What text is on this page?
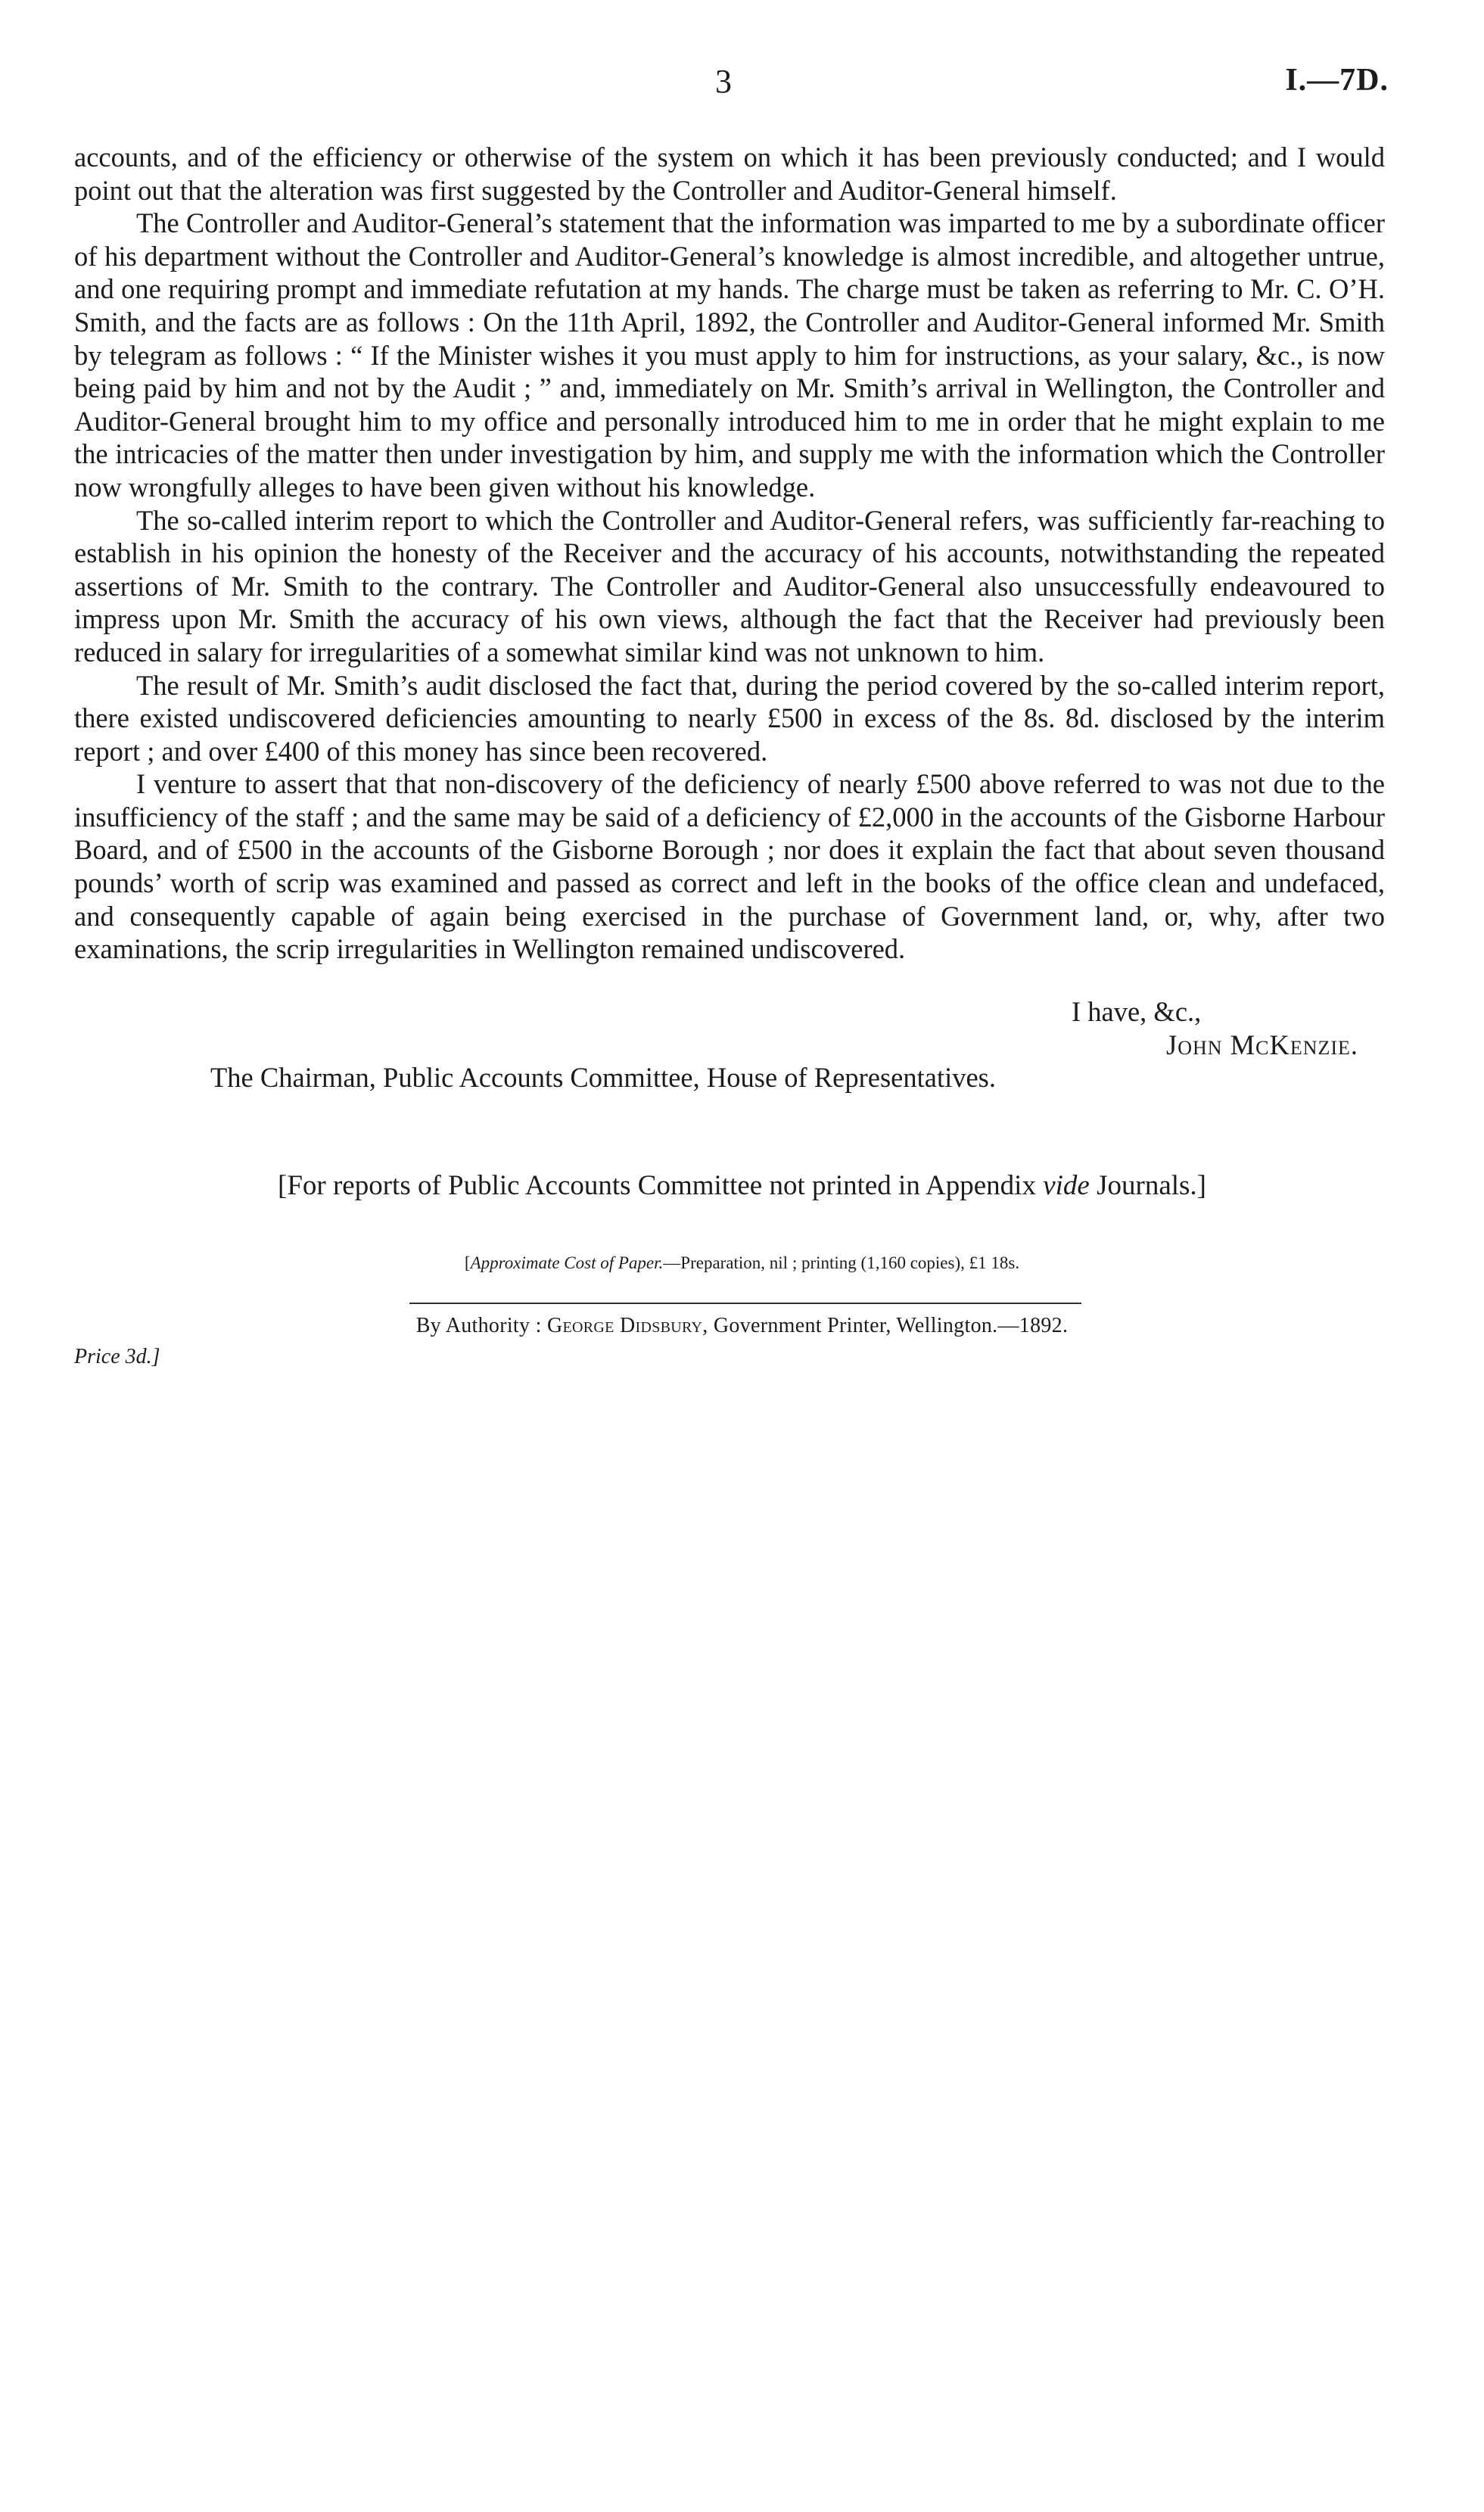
3	I.—7D.

accounts, and of the efficiency or otherwise of the system on which it has been previously conducted; and I would point out that the alteration was first suggested by the Controller and Auditor-General himself.

The Controller and Auditor-General’s statement that the information was imparted to me by a subordinate officer of his department without the Controller and Auditor-General’s knowledge is almost incredible, and altogether untrue, and one requiring prompt and immediate refutation at my hands. The charge must be taken as referring to Mr. C. O’H. Smith, and the facts are as follows : On the 11th April, 1892, the Controller and Auditor-General informed Mr. Smith by telegram as follows : “ If the Minister wishes it you must apply to him for instructions, as your salary, &c., is now being paid by him and not by the Audit ; ” and, immediately on Mr. Smith’s arrival in Wellington, the Controller and Auditor-General brought him to my office and personally introduced him to me in order that he might explain to me the intricacies of the matter then under investigation by him, and supply me with the information which the Controller now wrongfully alleges to have been given without his knowledge.

The so-called interim report to which the Controller and Auditor-General refers, was sufficiently far-reaching to establish in his opinion the honesty of the Receiver and the accuracy of his accounts, notwithstanding the repeated assertions of Mr. Smith to the contrary. The Controller and Auditor-General also unsuccessfully endeavoured to impress upon Mr. Smith the accuracy of his own views, although the fact that the Receiver had previously been reduced in salary for irregularities of a somewhat similar kind was not unknown to him.

The result of Mr. Smith’s audit disclosed the fact that, during the period covered by the so-called interim report, there existed undiscovered deficiencies amounting to nearly £500 in excess of the 8s. 8d. disclosed by the interim report ; and over £400 of this money has since been recovered.

I venture to assert that that non-discovery of the deficiency of nearly £500 above referred to was not due to the insufficiency of the staff ; and the same may be said of a deficiency of £2,000 in the accounts of the Gisborne Harbour Board, and of £500 in the accounts of the Gisborne Borough ; nor does it explain the fact that about seven thousand pounds’ worth of scrip was examined and passed as correct and left in the books of the office clean and undefaced, and consequently capable of again being exercised in the purchase of Government land, or, why, after two examinations, the scrip irregularities in Wellington remained undiscovered.

I have, &c.,
John McKenzie.
The Chairman, Public Accounts Committee, House of Representatives.
[For reports of Public Accounts Committee not printed in Appendix vide Journals.]
[Approximate Cost of Paper.—Preparation, nil ; printing (1,160 copies), £1 18s.
By Authority : George Didsbury, Government Printer, Wellington.—1892.
Price 3d.]
